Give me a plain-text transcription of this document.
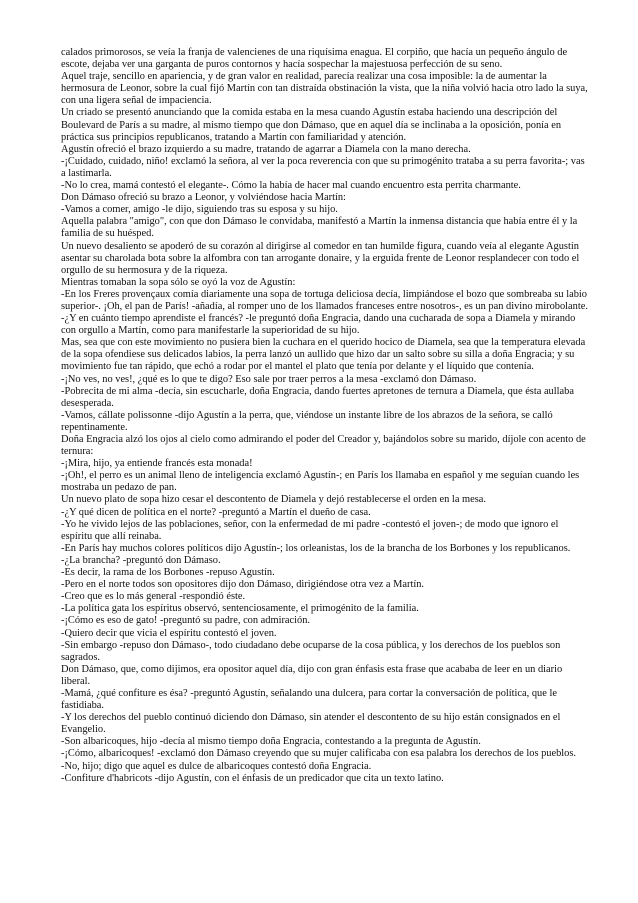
calados primorosos, se veía la franja de valencienes de una riquísima enagua. El corpiño, que hacía un pequeño ángulo de escote, dejaba ver una garganta de puros contornos y hacía sospechar la majestuosa perfección de su seno.

Aquel traje, sencillo en apariencia, y de gran valor en realidad, parecía realizar una cosa imposible: la de aumentar la hermosura de Leonor, sobre la cual fijó Martín con tan distraída obstinación la vista, que la niña volvió hacia otro lado la suya, con una ligera señal de impaciencia.

Un criado se presentó anunciando que la comida estaba en la mesa cuando Agustín estaba haciendo una descripción del Boulevard de París a su madre, al mismo tiempo que don Dámaso, que en aquel día se inclinaba a la oposición, ponía en práctica sus principios republicanos, tratando a Martín con familiaridad y atención.

Agustín ofreció el brazo izquierdo a su madre, tratando de agarrar a Diamela con la mano derecha.

-¡Cuidado, cuidado, niño! exclamó la señora, al ver la poca reverencia con que su primogénito trataba a su perra favorita-; vas a lastimarla.

-No lo crea, mamá contestó el elegante-. Cómo la había de hacer mal cuando encuentro esta perrita charmante.

Don Dámaso ofreció su brazo a Leonor, y volviéndose hacia Martín:

-Vamos a comer, amigo -le dijo, siguiendo tras su esposa y su hijo.

Aquella palabra "amigo", con que don Dámaso le convidaba, manifestó a Martín la inmensa distancia que había entre él y la familia de su huésped.

Un nuevo desaliento se apoderó de su corazón al dirigirse al comedor en tan humilde figura, cuando veía al elegante Agustín asentar su charolada bota sobre la alfombra con tan arrogante donaire, y la erguida frente de Leonor resplandecer con todo el orgullo de su hermosura y de la riqueza.

Mientras tomaban la sopa sólo se oyó la voz de Agustín:

-En los Freres provençaux comía diariamente una sopa de tortuga deliciosa decía, limpiándose el bozo que sombreaba su labio superior-. ¡Oh, el pan de París! -añadía, al romper uno de los llamados franceses entre nosotros-, es un pan divino mirobolante.

-¿Y en cuánto tiempo aprendiste el francés? -le preguntó doña Engracia, dando una cucharada de sopa a Diamela y mirando con orgullo a Martín, como para manifestarle la superioridad de su hijo.

Mas, sea que con este movimiento no pusiera bien la cuchara en el querido hocico de Diamela, sea que la temperatura elevada de la sopa ofendiese sus delicados labios, la perra lanzó un aullido que hizo dar un salto sobre su silla a doña Engracia; y su movimiento fue tan rápido, que echó a rodar por el mantel el plato que tenía por delante y el líquido que contenía.

-¡No ves, no ves!, ¿qué es lo que te digo? Eso sale por traer perros a la mesa -exclamó don Dámaso.

-Pobrecita de mi alma -decía, sin escucharle, doña Engracia, dando fuertes apretones de ternura a Diamela, que ésta aullaba desesperada.

-Vamos, cállate polissonne -dijo Agustín a la perra, que, viéndose un instante libre de los abrazos de la señora, se calló repentinamente.

Doña Engracia alzó los ojos al cielo como admirando el poder del Creador y, bajándolos sobre su marido, díjole con acento de ternura:

-¡Mira, hijo, ya entiende francés esta monada!

-¡Oh!, el perro es un animal lleno de inteligencia exclamó Agustín-; en París los llamaba en español y me seguían cuando les mostraba un pedazo de pan.

Un nuevo plato de sopa hizo cesar el descontento de Diamela y dejó restablecerse el orden en la mesa.

-¿Y qué dicen de política en el norte? -preguntó a Martín el dueño de casa.

-Yo he vivido lejos de las poblaciones, señor, con la enfermedad de mi padre -contestó el joven-; de modo que ignoro el espíritu que allí reinaba.

-En París hay muchos colores políticos dijo Agustín-; los orleanistas, los de la brancha de los Borbones y los republicanos.

-¿La brancha? -preguntó don Dámaso.

-Es decir, la rama de los Borbones -repuso Agustín.

-Pero en el norte todos son opositores dijo don Dámaso, dirigiéndose otra vez a Martín.

-Creo que es lo más general -respondió éste.

-La política gata los espíritus observó, sentenciosamente, el primogénito de la familia.

-¡Cómo es eso de gato! -preguntó su padre, con admiración.

-Quiero decir que vicia el espíritu contestó el joven.

-Sin embargo -repuso don Dámaso-, todo ciudadano debe ocuparse de la cosa pública, y los derechos de los pueblos son sagrados.

Don Dámaso, que, como dijimos, era opositor aquel día, dijo con gran énfasis esta frase que acababa de leer en un diario liberal.

-Mamá, ¿qué confiture es ésa? -preguntó Agustín, señalando una dulcera, para cortar la conversación de política, que le fastidiaba.

-Y los derechos del pueblo continuó diciendo don Dámaso, sin atender el descontento de su hijo están consignados en el Evangelio.

-Son albaricoques, hijo -decía al mismo tiempo doña Engracia, contestando a la pregunta de Agustín.

-¡Cómo, albaricoques! -exclamó don Dámaso creyendo que su mujer calificaba con esa palabra los derechos de los pueblos.

-No, hijo; digo que aquel es dulce de albaricoques contestó doña Engracia.

-Confiture d'habricots -dijo Agustín, con el énfasis de un predicador que cita un texto latino.
